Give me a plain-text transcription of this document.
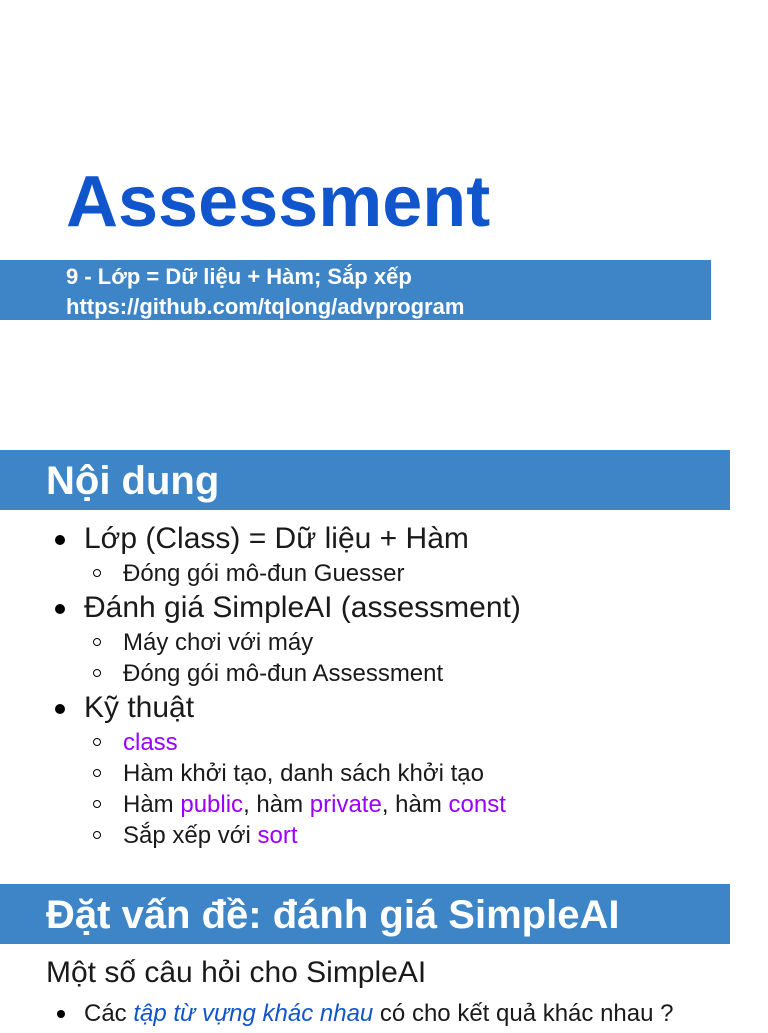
Assessment
9 - Lớp = Dữ liệu + Hàm; Sắp xếp
https://github.com/tqlong/advprogram
Nội dung
Lớp (Class) = Dữ liệu + Hàm
Đóng gói mô-đun Guesser
Đánh giá SimpleAI (assessment)
Máy chơi với máy
Đóng gói mô-đun Assessment
Kỹ thuật
class
Hàm khởi tạo, danh sách khởi tạo
Hàm public, hàm private, hàm const
Sắp xếp với sort
Đặt vấn đề: đánh giá SimpleAI
Một số câu hỏi cho SimpleAI
Các tập từ vựng khác nhau có cho kết quả khác nhau ?
